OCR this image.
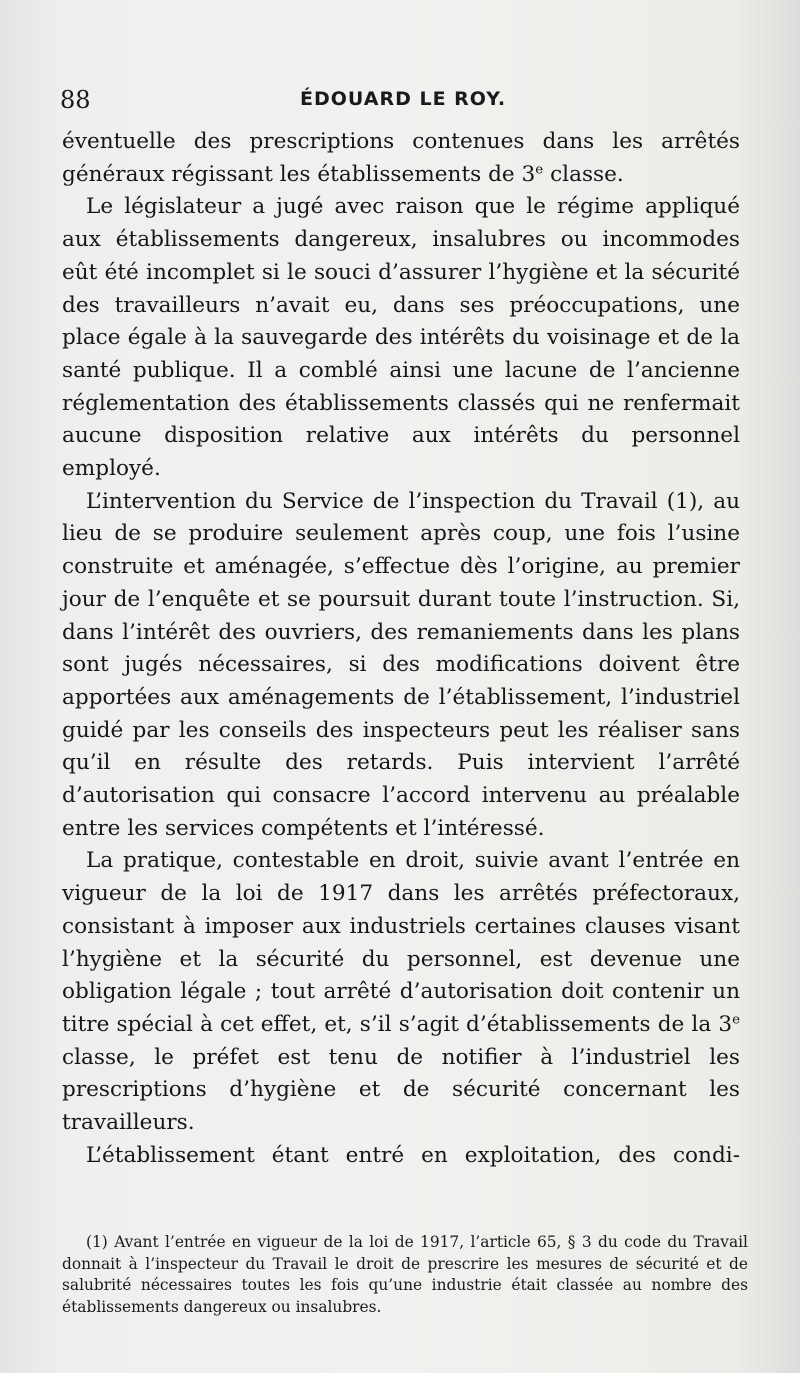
88	ÉDOUARD LE ROY.

éventuelle des prescriptions contenues dans les arrêtés généraux régissant les établissements de 3e classe.

Le législateur a jugé avec raison que le régime appliqué aux établissements dangereux, insalubres ou incommodes eût été incomplet si le souci d’assurer l’hygiène et la sécurité des travailleurs n’avait eu, dans ses préoccupations, une place égale à la sauvegarde des intérêts du voisinage et de la santé publique. Il a comblé ainsi une lacune de l’ancienne réglementation des établissements classés qui ne renfermait aucune disposition relative aux intérêts du personnel employé.

L’intervention du Service de l’inspection du Travail (1), au lieu de se produire seulement après coup, une fois l’usine construite et aménagée, s’effectue dès l’origine, au premier jour de l’enquête et se poursuit durant toute l’instruction. Si, dans l’intérêt des ouvriers, des remaniements dans les plans sont jugés nécessaires, si des modifications doivent être apportées aux aménagements de l’établissement, l’industriel guidé par les conseils des inspecteurs peut les réaliser sans qu’il en résulte des retards. Puis intervient l’arrêté d’autorisation qui consacre l’accord intervenu au préalable entre les services compétents et l’intéressé.

La pratique, contestable en droit, suivie avant l’entrée en vigueur de la loi de 1917 dans les arrêtés préfectoraux, consistant à imposer aux industriels certaines clauses visant l’hygiène et la sécurité du personnel, est devenue une obligation légale ; tout arrêté d’autorisation doit contenir un titre spécial à cet effet, et, s’il s’agit d’établissements de la 3e classe, le préfet est tenu de notifier à l’industriel les prescriptions d’hygiène et de sécurité concernant les travailleurs.

L’établissement étant entré en exploitation, des condi-

(1) Avant l’entrée en vigueur de la loi de 1917, l’article 65, § 3 du code du Travail donnait à l’inspecteur du Travail le droit de prescrire les mesures de sécurité et de salubrité nécessaires toutes les fois qu’une industrie était classée au nombre des établissements dangereux ou insalubres.
